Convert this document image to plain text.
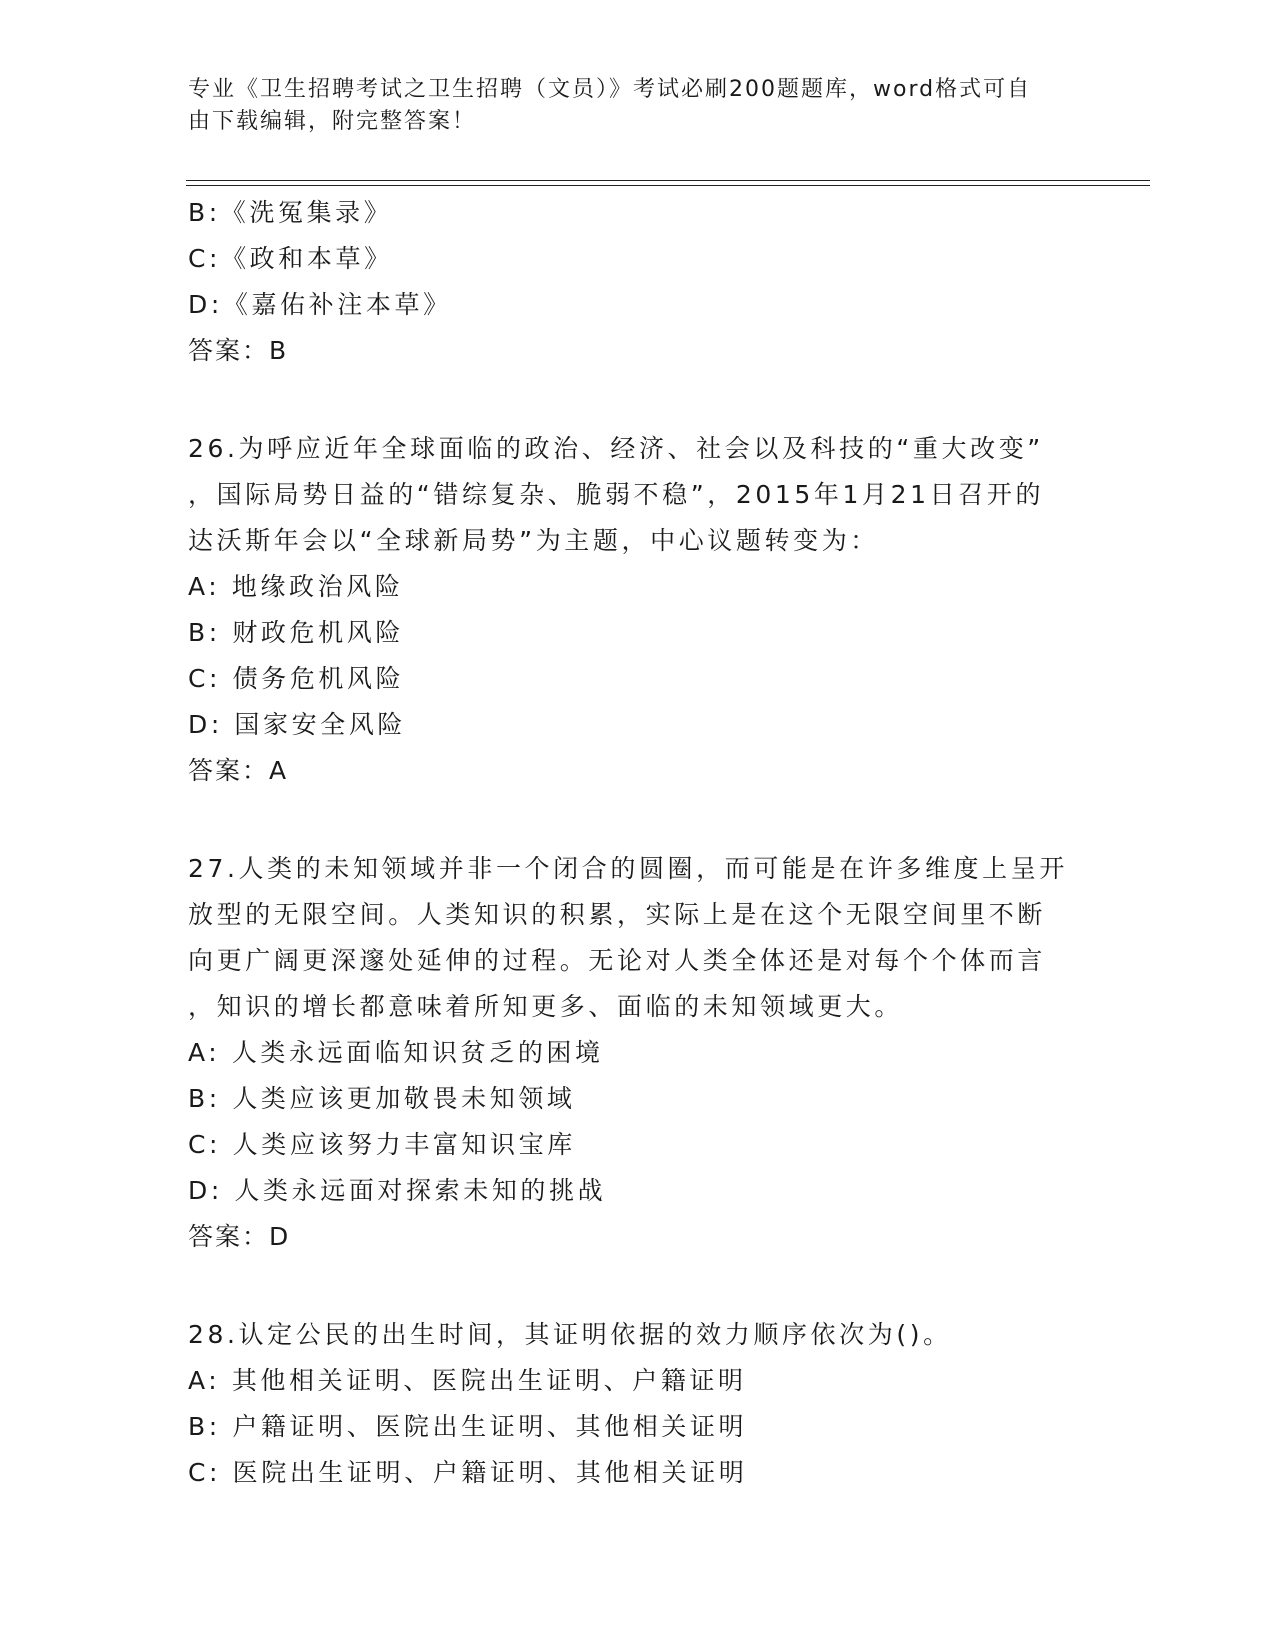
专业《卫生招聘考试之卫生招聘（文员）》考试必刷200题题库，word格式可自
由下载编辑，附完整答案！
B:《洗冤集录》
C:《政和本草》
D:《嘉佑补注本草》
答案：B
26.为呼应近年全球面临的政治、经济、社会以及科技的“重大改变”
，国际局势日益的“错综复杂、脆弱不稳”，2015年1月21日召开的
达沃斯年会以“全球新局势”为主题，中心议题转变为：
A: 地缘政治风险
B: 财政危机风险
C: 债务危机风险
D: 国家安全风险
答案：A
27.人类的未知领域并非一个闭合的圆圈，而可能是在许多维度上呈开
放型的无限空间。人类知识的积累，实际上是在这个无限空间里不断
向更广阔更深邃处延伸的过程。无论对人类全体还是对每个个体而言
，知识的增长都意味着所知更多、面临的未知领域更大。
A: 人类永远面临知识贫乏的困境
B: 人类应该更加敬畏未知领域
C: 人类应该努力丰富知识宝库
D: 人类永远面对探索未知的挑战
答案：D
28.认定公民的出生时间，其证明依据的效力顺序依次为()。
A: 其他相关证明、医院出生证明、户籍证明
B: 户籍证明、医院出生证明、其他相关证明
C: 医院出生证明、户籍证明、其他相关证明
